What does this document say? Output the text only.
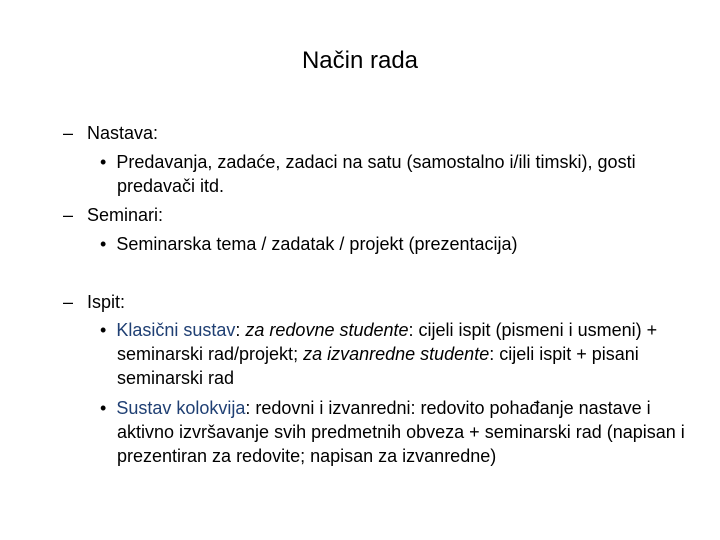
Način rada
– Nastava:
• Predavanja, zadaće, zadaci na satu (samostalno i/ili timski), gosti predavači itd.
– Seminari:
• Seminarska tema / zadatak / projekt (prezentacija)
– Ispit:
• Klasični sustav: za redovne studente: cijeli ispit (pismeni i usmeni) + seminarski rad/projekt; za izvanredne studente: cijeli ispit + pisani seminarski rad
• Sustav kolokvija: redovni i izvanredni: redovito pohađanje nastave i aktivno izvršavanje svih predmetnih obveza + seminarski rad (napisan i prezentiran za redovite; napisan za izvanredne)
